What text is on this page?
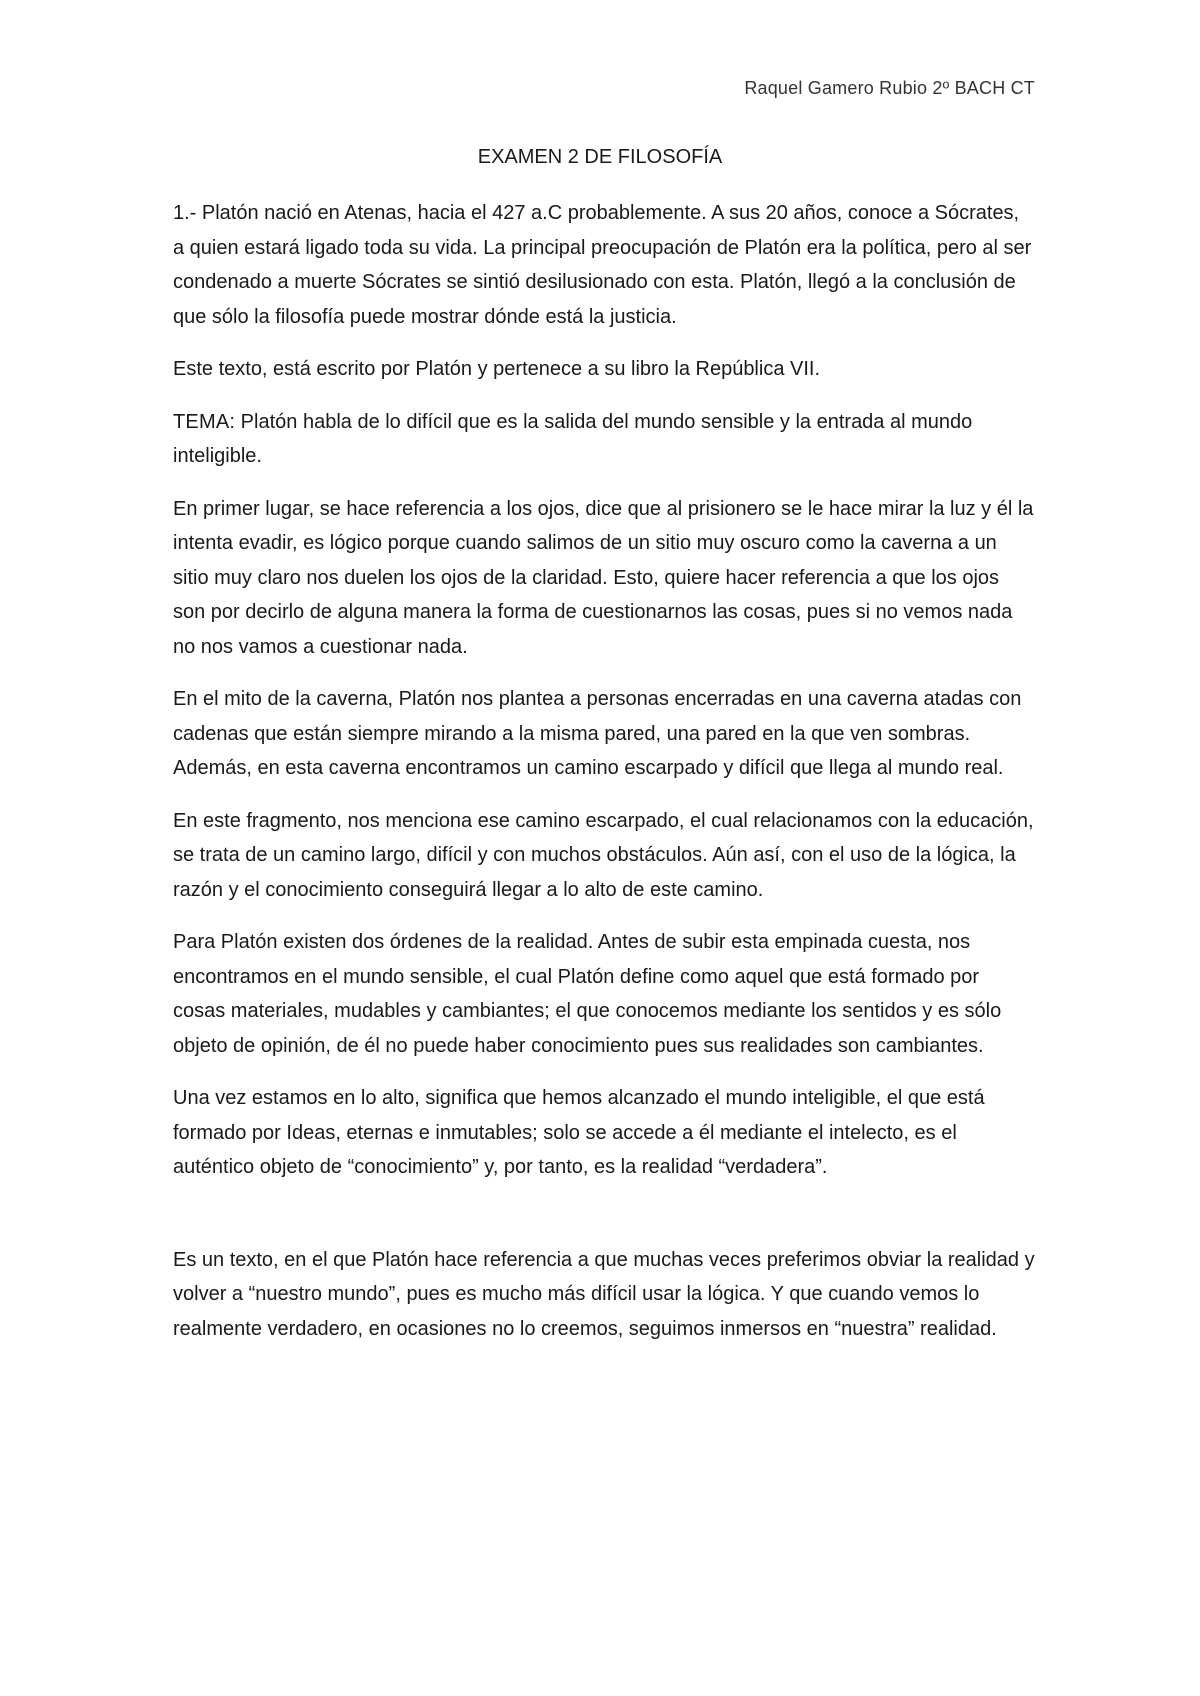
Raquel Gamero Rubio 2º BACH CT
EXAMEN 2 DE FILOSOFÍA

1.- Platón nació en Atenas, hacia el 427 a.C probablemente. A sus 20 años, conoce a Sócrates, a quien estará ligado toda su vida. La principal preocupación de Platón era la política, pero al ser condenado a muerte Sócrates se sintió desilusionado con esta. Platón, llegó a la conclusión de que sólo la filosofía puede mostrar dónde está la justicia.

Este texto, está escrito por Platón y pertenece a su libro la República VII.

TEMA: Platón habla de lo difícil que es la salida del mundo sensible y la entrada al mundo inteligible.

En primer lugar, se hace referencia a los ojos, dice que al prisionero se le hace mirar la luz y él la intenta evadir, es lógico porque cuando salimos de un sitio muy oscuro como la caverna a un sitio muy claro nos duelen los ojos de la claridad. Esto, quiere hacer referencia a que los ojos son por decirlo de alguna manera la forma de cuestionarnos las cosas, pues si no vemos nada no nos vamos a cuestionar nada.

En el mito de la caverna, Platón nos plantea a personas encerradas en una caverna atadas con cadenas que están siempre mirando a la misma pared, una pared en la que ven sombras. Además, en esta caverna encontramos un camino escarpado y difícil que llega al mundo real.

En este fragmento, nos menciona ese camino escarpado, el cual relacionamos con la educación, se trata de un camino largo, difícil y con muchos obstáculos. Aún así, con el uso de la lógica, la razón y el conocimiento conseguirá llegar a lo alto de este camino.

Para Platón existen dos órdenes de la realidad. Antes de subir esta empinada cuesta, nos encontramos en el mundo sensible, el cual Platón define como aquel que está formado por cosas materiales, mudables y cambiantes; el que conocemos mediante los sentidos y es sólo objeto de opinión, de él no puede haber conocimiento pues sus realidades son cambiantes.

Una vez estamos en lo alto, significa que hemos alcanzado el mundo inteligible, el que está formado por Ideas, eternas e inmutables; solo se accede a él mediante el intelecto, es el auténtico objeto de “conocimiento” y, por tanto, es la realidad “verdadera”.

Es un texto, en el que Platón hace referencia a que muchas veces preferimos obviar la realidad y volver a “nuestro mundo”, pues es mucho más difícil usar la lógica. Y que cuando vemos lo realmente verdadero, en ocasiones no lo creemos, seguimos inmersos en “nuestra” realidad.
